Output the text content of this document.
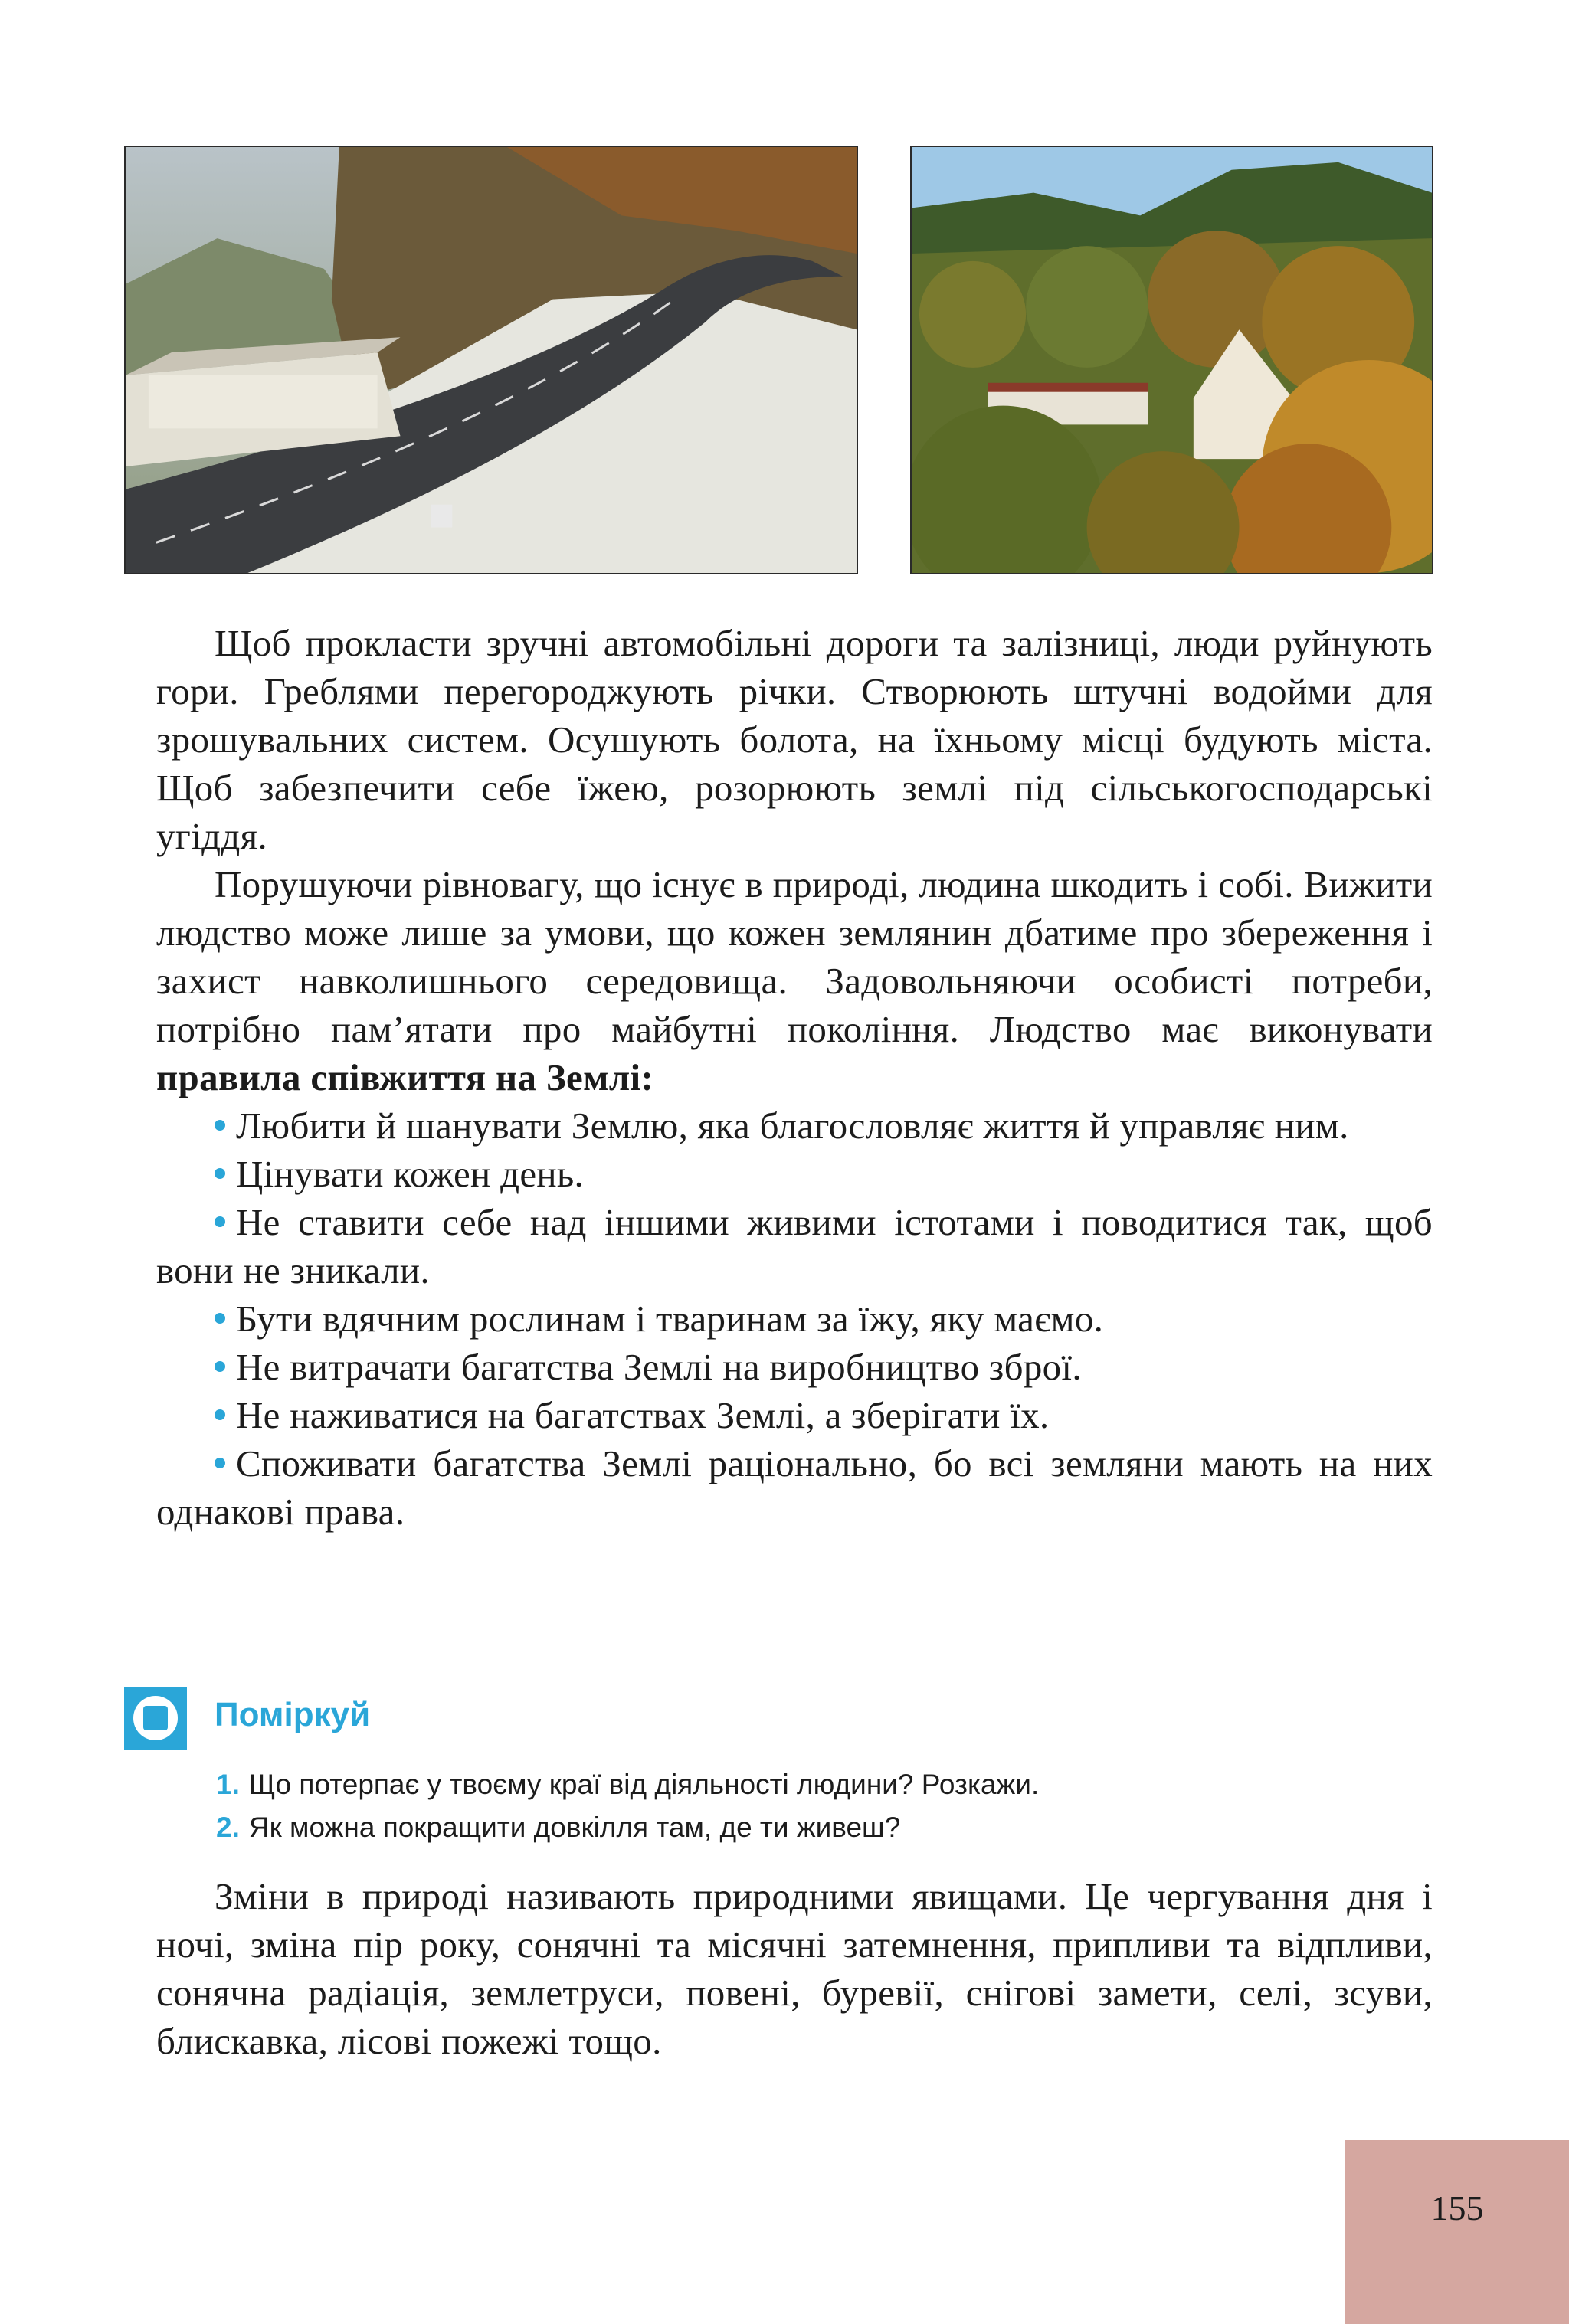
Щоб прокласти зручні автомобільні дороги та залізниці, люди руйнують гори. Греблями перегороджують річки. Створюють штучні водойми для зрошувальних систем. Осушують болота, на їхньому місці будують міста. Щоб забезпечити себе їжею, розорюють землі під сільськогосподарські угіддя.

Порушуючи рівновагу, що існує в природі, людина шкодить і собі. Вижити людство може лише за умови, що кожен землянин дбатиме про збереження і захист навколишнього середовища. Задовольняючи особисті потреби, потрібно пам’ятати про майбутні покоління. Людство має виконувати правила співжиття на Землі:

Любити й шанувати Землю, яка благословляє життя й управляє ним.

Цінувати кожен день.

Не ставити себе над іншими живими істотами і поводитися так, щоб вони не зникали.

Бути вдячним рослинам і тваринам за їжу, яку маємо.

Не витрачати багатства Землі на виробництво зброї.

Не наживатися на багатствах Землі, а зберігати їх.

Споживати багатства Землі раціонально, бо всі земляни мають на них однакові права.

Поміркуй
1. Що потерпає у твоєму краї від діяльності людини? Розкажи.
2. Як можна покращити довкілля там, де ти живеш?

Зміни в природі називають природними явищами. Це чергування дня і ночі, зміна пір року, сонячні та місячні затемнення, припливи та відпливи, сонячна радіація, землетруси, повені, буревії, снігові замети, селі, зсуви, блискавка, лісові пожежі тощо.

155
